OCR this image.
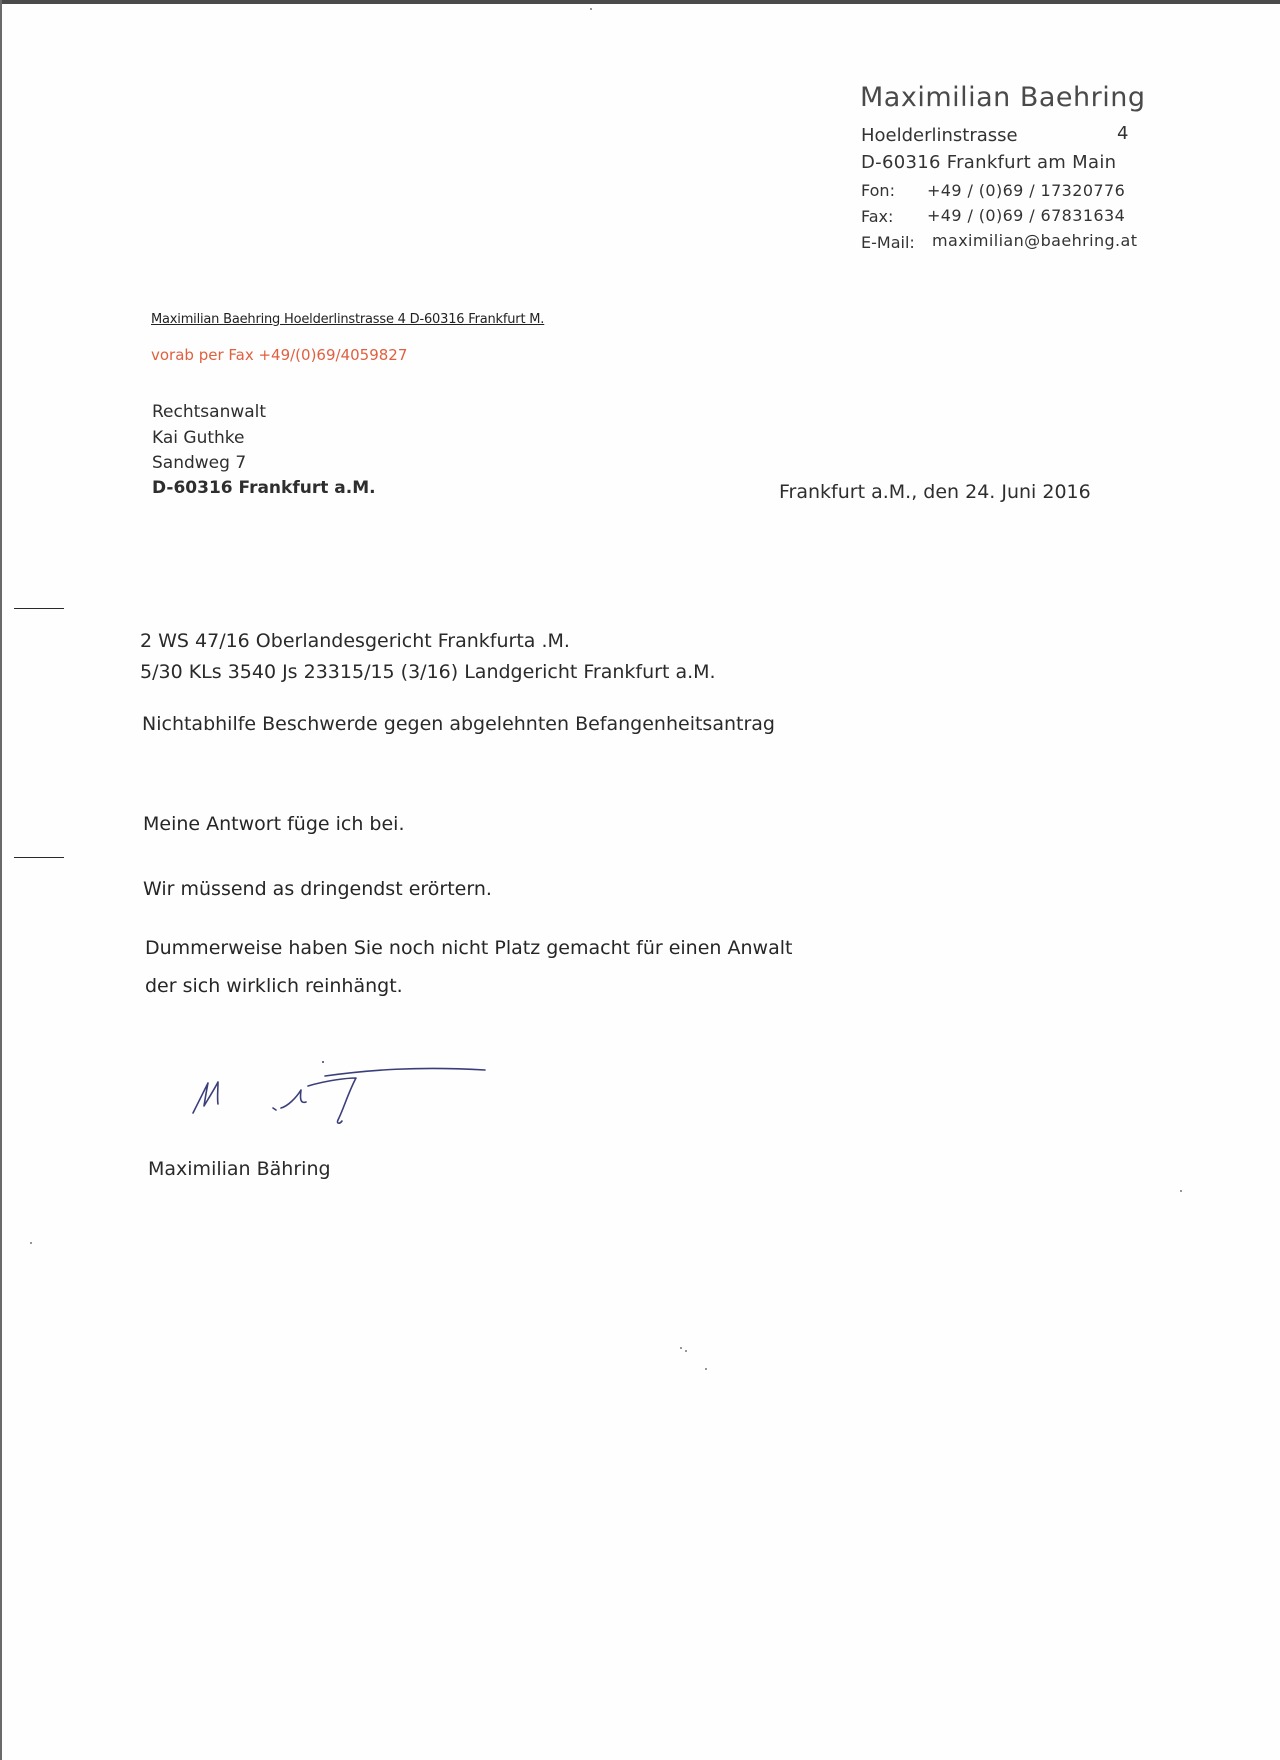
Maximilian Baehring
Hoelderlinstrasse	4
D-60316 Frankfurt am Main
Fon: +49 / (0)69 / 17320776
Fax: +49 / (0)69 / 67831634
E-Mail: maximilian@baehring.at
Maximilian Baehring Hoelderlinstrasse 4 D-60316 Frankfurt M.
vorab per Fax +49/(0)69/4059827
Rechtsanwalt
Kai Guthke
Sandweg 7
D-60316 Frankfurt a.M.	Frankfurt a.M., den 24. Juni 2016
2 WS 47/16 Oberlandesgericht Frankfurta .M.
5/30 KLs 3540 Js 23315/15 (3/16) Landgericht Frankfurt a.M.
Nichtabhilfe Beschwerde gegen abgelehnten Befangenheitsantrag
Meine Antwort füge ich bei.
Wir müssend as dringendst erörtern.
Dummerweise haben Sie noch nicht Platz gemacht für einen Anwalt
der sich wirklich reinhängt.
Maximilian Bähring
